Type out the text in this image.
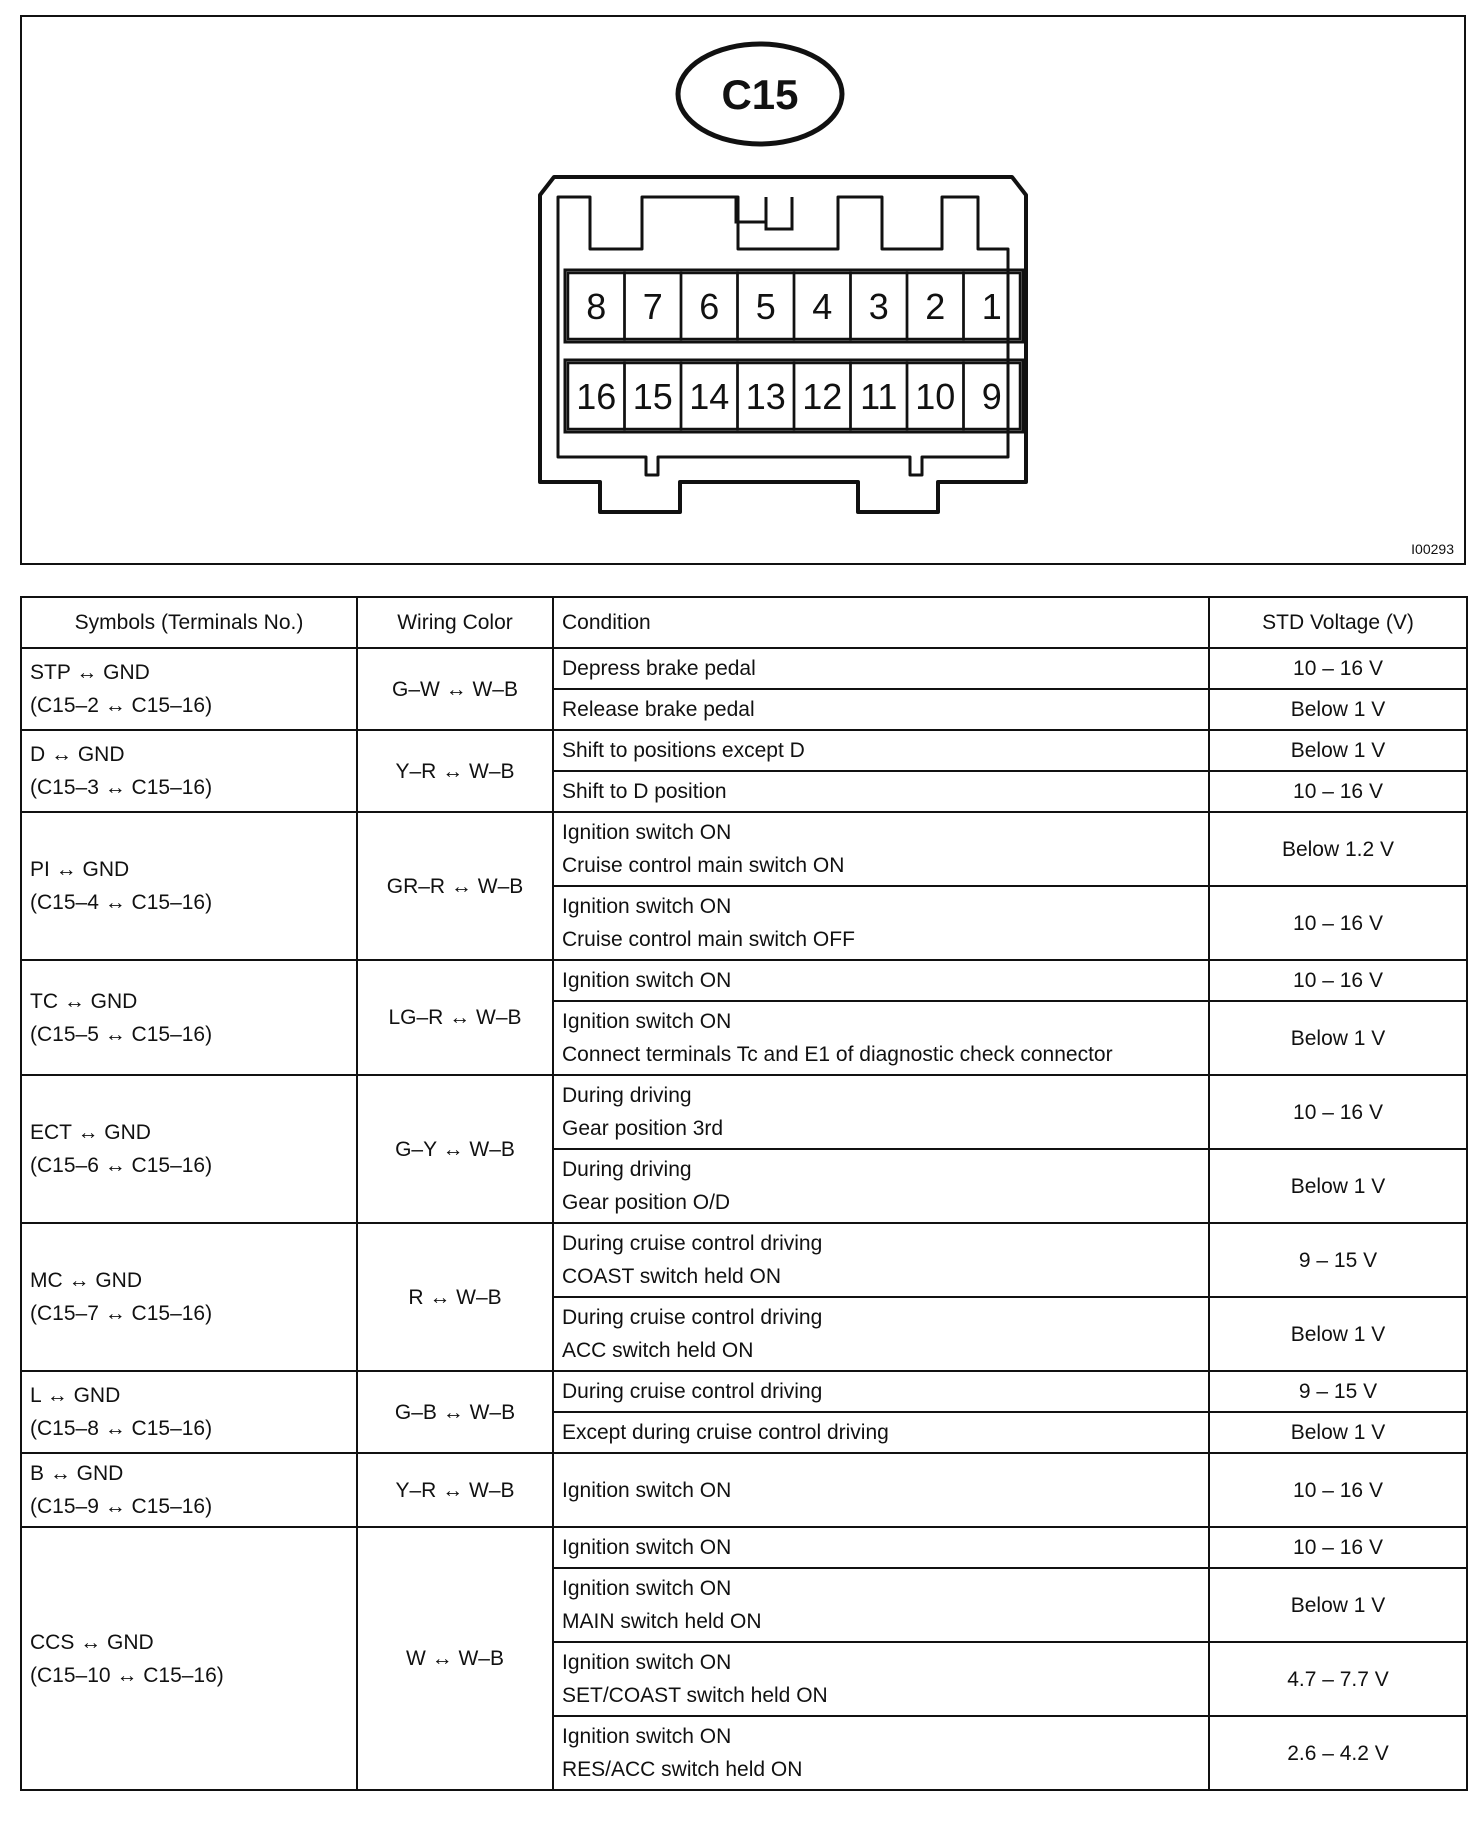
C15
8 7 6 5 4 3 2 1
16 15 14 13 12 11 10 9
I00293
Symbols (Terminals No.)	Wiring Color	Condition	STD Voltage (V)

STP ↔ GND
(C15–2 ↔ C15–16)	G–W ↔ W–B	Depress brake pedal	10 – 16 V

		Release brake pedal	Below 1 V

D ↔ GND
(C15–3 ↔ C15–16)	Y–R ↔ W–B	Shift to positions except D	Below 1 V

		Shift to D position	10 – 16 V

PI ↔ GND
(C15–4 ↔ C15–16)	GR–R ↔ W–B	Ignition switch ON
Cruise control main switch ON	Below 1.2 V

		Ignition switch ON
Cruise control main switch OFF	10 – 16 V

TC ↔ GND
(C15–5 ↔ C15–16)	LG–R ↔ W–B	Ignition switch ON	10 – 16 V

		Ignition switch ON
Connect terminals Tc and E1 of diagnostic check connector	Below 1 V

ECT ↔ GND
(C15–6 ↔ C15–16)	G–Y ↔ W–B	During driving
Gear position 3rd	10 – 16 V

		During driving
Gear position O/D	Below 1 V

MC ↔ GND
(C15–7 ↔ C15–16)	R ↔ W–B	During cruise control driving
COAST switch held ON	9 – 15 V

		During cruise control driving
ACC switch held ON	Below 1 V

L ↔ GND
(C15–8 ↔ C15–16)	G–B ↔ W–B	During cruise control driving	9 – 15 V

		Except during cruise control driving	Below 1 V

B ↔ GND
(C15–9 ↔ C15–16)	Y–R ↔ W–B	Ignition switch ON	10 – 16 V

CCS ↔ GND
(C15–10 ↔ C15–16)	W ↔ W–B	Ignition switch ON	10 – 16 V

		Ignition switch ON
MAIN switch held ON	Below 1 V

		Ignition switch ON
SET/COAST switch held ON	4.7 – 7.7 V

		Ignition switch ON
RES/ACC switch held ON	2.6 – 4.2 V
